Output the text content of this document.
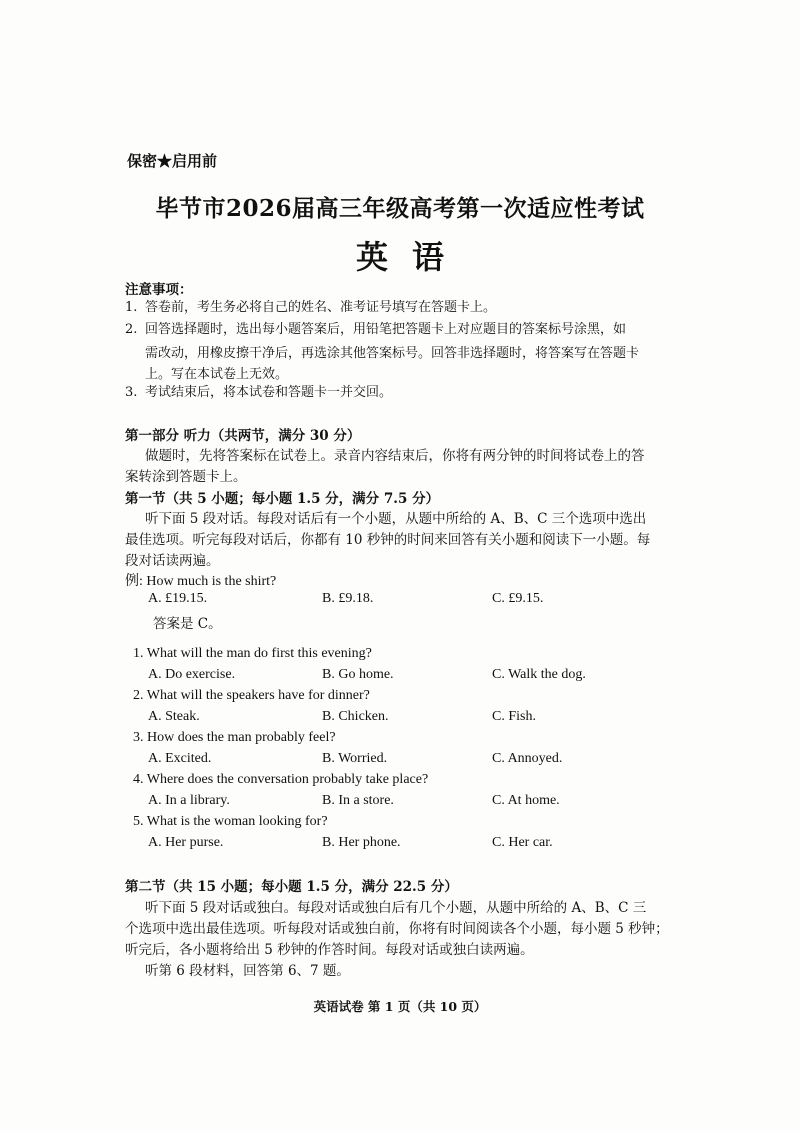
保密★启用前
毕节市2026届高三年级高考第一次适应性考试
英语
注意事项：
1. 答卷前，考生务必将自己的姓名、准考证号填写在答题卡上。
2. 回答选择题时，选出每小题答案后，用铅笔把答题卡上对应题目的答案标号涂黑，如
需改动，用橡皮擦干净后，再选涂其他答案标号。回答非选择题时，将答案写在答题卡
上。写在本试卷上无效。
3. 考试结束后，将本试卷和答题卡一并交回。
第一部分 听力（共两节，满分 30 分）
做题时，先将答案标在试卷上。录音内容结束后，你将有两分钟的时间将试卷上的答
案转涂到答题卡上。
第一节（共 5 小题；每小题 1.5 分，满分 7.5 分）
听下面 5 段对话。每段对话后有一个小题，从题中所给的 A、B、C 三个选项中选出
最佳选项。听完每段对话后，你都有 10 秒钟的时间来回答有关小题和阅读下一小题。每
段对话读两遍。
例: How much is the shirt?
A. £19.15.	B. £9.18.	C. £9.15.
答案是 C。
1. What will the man do first this evening?
A. Do exercise.	B. Go home.	C. Walk the dog.
2. What will the speakers have for dinner?
A. Steak.	B. Chicken.	C. Fish.
3. How does the man probably feel?
A. Excited.	B. Worried.	C. Annoyed.
4. Where does the conversation probably take place?
A. In a library.	B. In a store.	C. At home.
5. What is the woman looking for?
A. Her purse.	B. Her phone.	C. Her car.
第二节（共 15 小题；每小题 1.5 分，满分 22.5 分）
听下面 5 段对话或独白。每段对话或独白后有几个小题，从题中所给的 A、B、C 三
个选项中选出最佳选项。听每段对话或独白前，你将有时间阅读各个小题，每小题 5 秒钟；
听完后，各小题将给出 5 秒钟的作答时间。每段对话或独白读两遍。
听第 6 段材料，回答第 6、7 题。
英语试卷 第 1 页（共 10 页）
